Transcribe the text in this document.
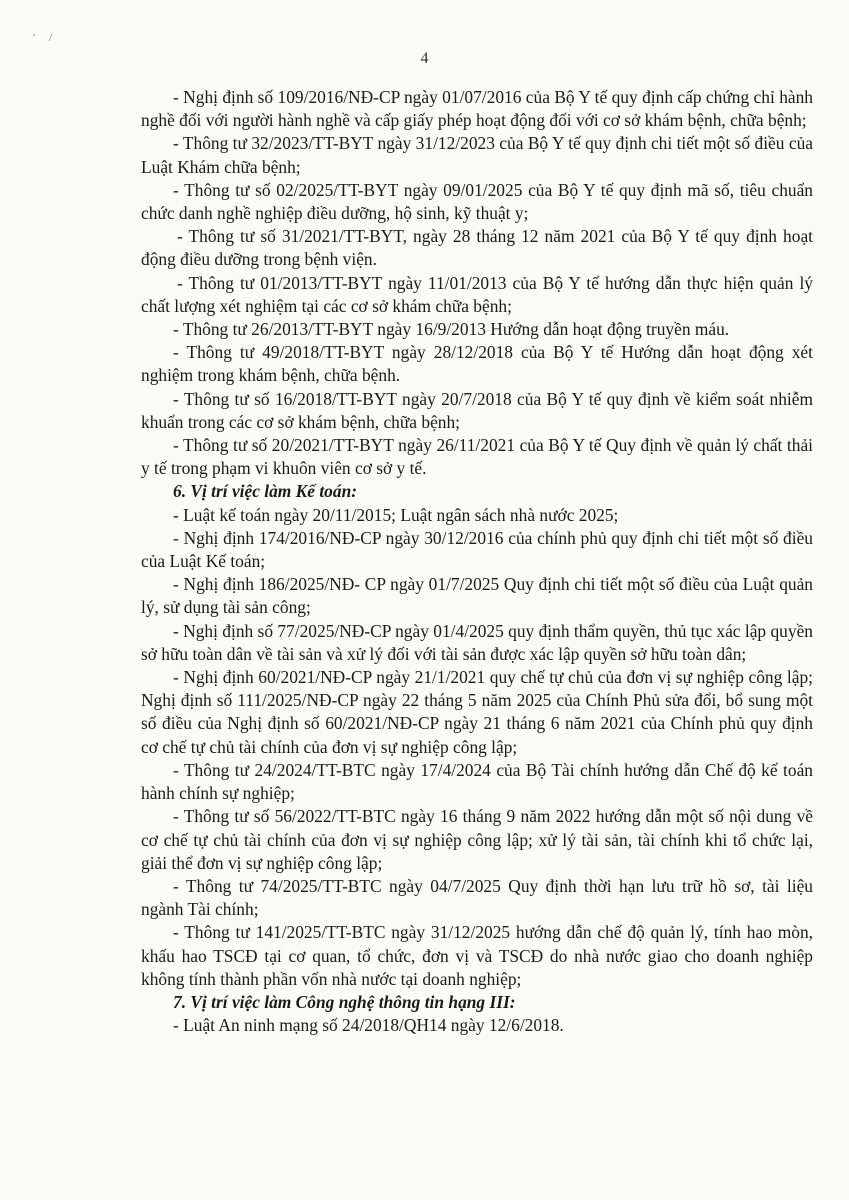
'/
4

- Nghị định số 109/2016/NĐ-CP ngày 01/07/2016 của Bộ Y tế quy định cấp chứng chỉ hành nghề đối với người hành nghề và cấp giấy phép hoạt động đối với cơ sở khám bệnh, chữa bệnh;

- Thông tư 32/2023/TT-BYT ngày 31/12/2023 của Bộ Y tế quy định chi tiết một số điều của Luật Khám chữa bệnh;

- Thông tư số 02/2025/TT-BYT ngày 09/01/2025 của Bộ Y tế quy định mã số, tiêu chuẩn chức danh nghề nghiệp điều dưỡng, hộ sinh, kỹ thuật y;

- Thông tư số 31/2021/TT-BYT, ngày 28 tháng 12 năm 2021 của Bộ Y tế quy định hoạt động điều dưỡng trong bệnh viện.

- Thông tư 01/2013/TT-BYT ngày 11/01/2013 của Bộ Y tế hướng dẫn thực hiện quản lý chất lượng xét nghiệm tại các cơ sở khám chữa bệnh;

- Thông tư 26/2013/TT-BYT ngày 16/9/2013 Hướng dẫn hoạt động truyền máu.

- Thông tư 49/2018/TT-BYT ngày 28/12/2018 của Bộ Y tế Hướng dẫn hoạt động xét nghiệm trong khám bệnh, chữa bệnh.

- Thông tư số 16/2018/TT-BYT ngày 20/7/2018 của Bộ Y tế quy định về kiểm soát nhiễm khuẩn trong các cơ sở khám bệnh, chữa bệnh;

- Thông tư số 20/2021/TT-BYT ngày 26/11/2021 của Bộ Y tế Quy định về quản lý chất thải y tế trong phạm vi khuôn viên cơ sở y tế.

6. Vị trí việc làm Kế toán:

- Luật kế toán ngày 20/11/2015; Luật ngân sách nhà nước 2025;

- Nghị định 174/2016/NĐ-CP ngày 30/12/2016 của chính phủ quy định chi tiết một số điều của Luật Kế toán;

- Nghị định 186/2025/NĐ- CP ngày 01/7/2025 Quy định chi tiết một số điều của Luật quản lý, sử dụng tài sản công;

- Nghị định số 77/2025/NĐ-CP ngày 01/4/2025 quy định thẩm quyền, thủ tục xác lập quyền sở hữu toàn dân về tài sản và xử lý đối với tài sản được xác lập quyền sở hữu toàn dân;

- Nghị định 60/2021/NĐ-CP ngày 21/1/2021 quy chế tự chủ của đơn vị sự nghiệp công lập; Nghị định số 111/2025/NĐ-CP ngày 22 tháng 5 năm 2025 của Chính Phủ sửa đổi, bổ sung một số điều của Nghị định số 60/2021/NĐ-CP ngày 21 tháng 6 năm 2021 của Chính phủ quy định cơ chế tự chủ tài chính của đơn vị sự nghiệp công lập;

- Thông tư 24/2024/TT-BTC ngày 17/4/2024 của Bộ Tài chính hướng dẫn Chế độ kế toán hành chính sự nghiệp;

- Thông tư số 56/2022/TT-BTC ngày 16 tháng 9 năm 2022 hướng dẫn một số nội dung về cơ chế tự chủ tài chính của đơn vị sự nghiệp công lập; xử lý tài sản, tài chính khi tổ chức lại, giải thể đơn vị sự nghiệp công lập;

- Thông tư 74/2025/TT-BTC ngày 04/7/2025 Quy định thời hạn lưu trữ hồ sơ, tài liệu ngành Tài chính;

- Thông tư 141/2025/TT-BTC ngày 31/12/2025 hướng dẫn chế độ quản lý, tính hao mòn, khấu hao TSCĐ tại cơ quan, tổ chức, đơn vị và TSCĐ do nhà nước giao cho doanh nghiệp không tính thành phần vốn nhà nước tại doanh nghiệp;

7. Vị trí việc làm Công nghệ thông tin hạng III:

- Luật An ninh mạng số 24/2018/QH14 ngày 12/6/2018.
